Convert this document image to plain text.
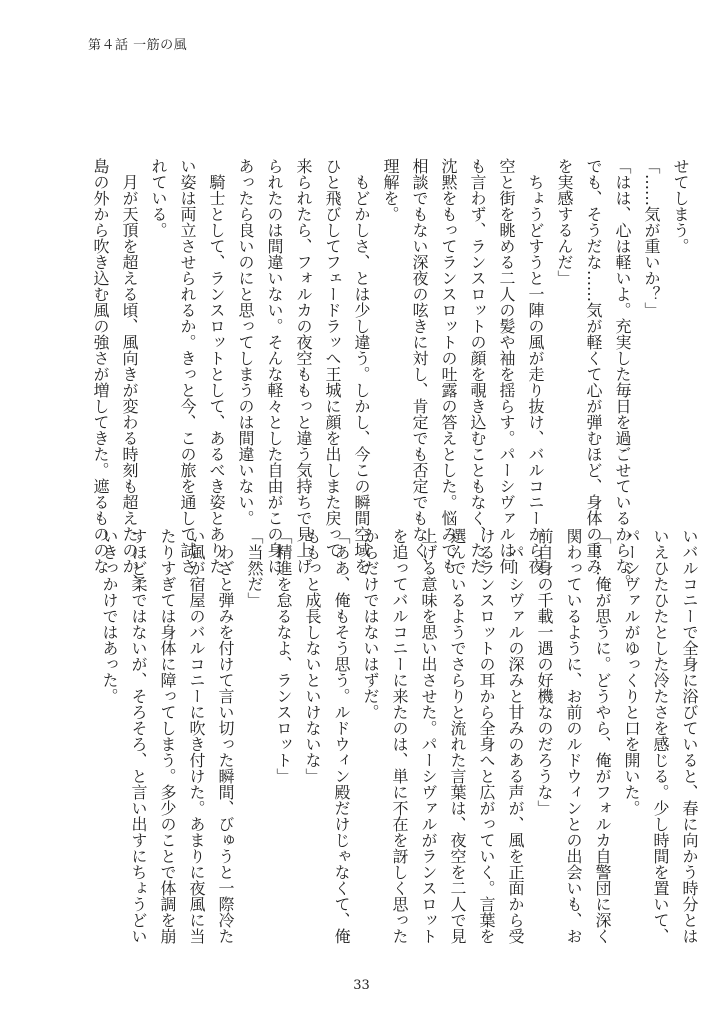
第４話 一筋の風
せてしまう。
「……気が重いか？」
「はは、心は軽いよ。充実した毎日を過ごせているからな。
でも、そうだな……気が軽くて心が弾むほど、身体の重み
を実感するんだ」
　ちょうどすうと一陣の風が走り抜け、バルコニーから夜
空と街を眺める二人の髪や袖を揺らす。パーシヴァルは何
も言わず、ランスロットの顔を覗き込むこともなく、ただ
沈黙をもってランスロットの吐露の答えとした。悩みでも
相談でもない深夜の呟きに対し、肯定でも否定でもなく、
理解を。
　もどかしさ、とは少し違う。しかし、今この瞬間空域を
ひと飛びしてフェードラッへ王城に顔を出しまた戻って
来られたら、フォルカの夜空ももっと違う気持ちで見上げ
られたのは間違いない。そんな軽々とした自由がこの身に
あったら良いのにと思ってしまうのは間違いない。
　騎士として、ランスロットとして、あるべき姿とありた
い姿は両立させられるか。きっと今、この旅を通して試さ
れている。
　月が天頂を超える頃、風向きが変わる時刻も超えたのか、
島の外から吹き込む風の強さが増してきた。遮るもののな
いバルコニーで全身に浴びていると、春に向かう時分とは
いえひたひたとした冷たさを感じる。少し時間を置いて、
パーシヴァルがゆっくりと口を開いた。
「……俺が思うに。どうやら、俺がフォルカ自警団に深く
関わっているように、お前のルドウィンとの出会いも、お
前自身の千載一遇の好機なのだろうな」
　パーシヴァルの深みと甘みのある声が、風を正面から受
けるランスロットの耳から全身へと広がっていく。言葉を
選んでいるようでさらりと流れた言葉は、夜空を二人で見
上げる意味を思い出させた。パーシヴァルがランスロット
を追ってバルコニーに来たのは、単に不在を訝しく思った
からだけではないはずだ。
「ああ、俺もそう思う。ルドウィン殿だけじゃなくて、俺
ももっと成長しないといけないな」
「精進を怠るなよ、ランスロット」
「当然だ」
　わざと弾みを付けて言い切った瞬間、びゅうと一際冷た
い風が宿屋のバルコニーに吹き付けた。あまりに夜風に当
たりすぎては身体に障ってしまう。多少のことで体調を崩
すほど柔ではないが、そろそろ、と言い出すにちょうどい
いきっかけではあった。
33
